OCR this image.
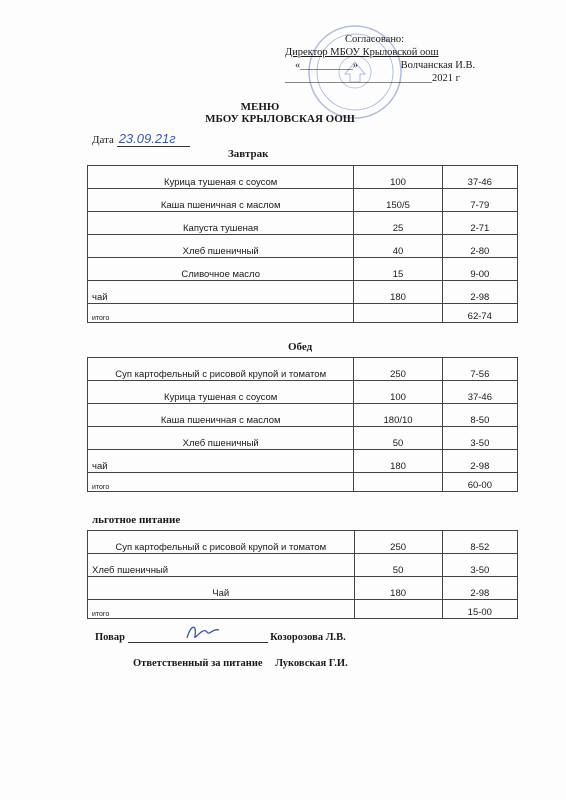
Согласовано:
Директор МБОУ Крыловской оош
«__________»	Волчанская И.В.
____________________________2021 г
МЕНЮ
МБОУ КРЫЛОВСКАЯ ООШ
Дата 23.09.21г
Завтрак
Курица тушеная с соусом	100	37-46
Каша пшеничная с маслом	150/5	7-79
Капуста тушеная	25	2-71
Хлеб пшеничный	40	2-80
Сливочное масло	15	9-00
чай	180	2-98
итого		62-74
Обед
Суп картофельный с рисовой крупой и томатом	250	7-56
Курица тушеная с соусом	100	37-46
Каша пшеничная с маслом	180/10	8-50
Хлеб пшеничный	50	3-50
чай	180	2-98
итого		60-00
льготное питание
Суп картофельный с рисовой крупой и томатом	250	8-52
Хлеб пшеничный	50	3-50
Чай	180	2-98
итого		15-00
Повар	Козорозова Л.В.
Ответственный за питание Луковская Г.И.
